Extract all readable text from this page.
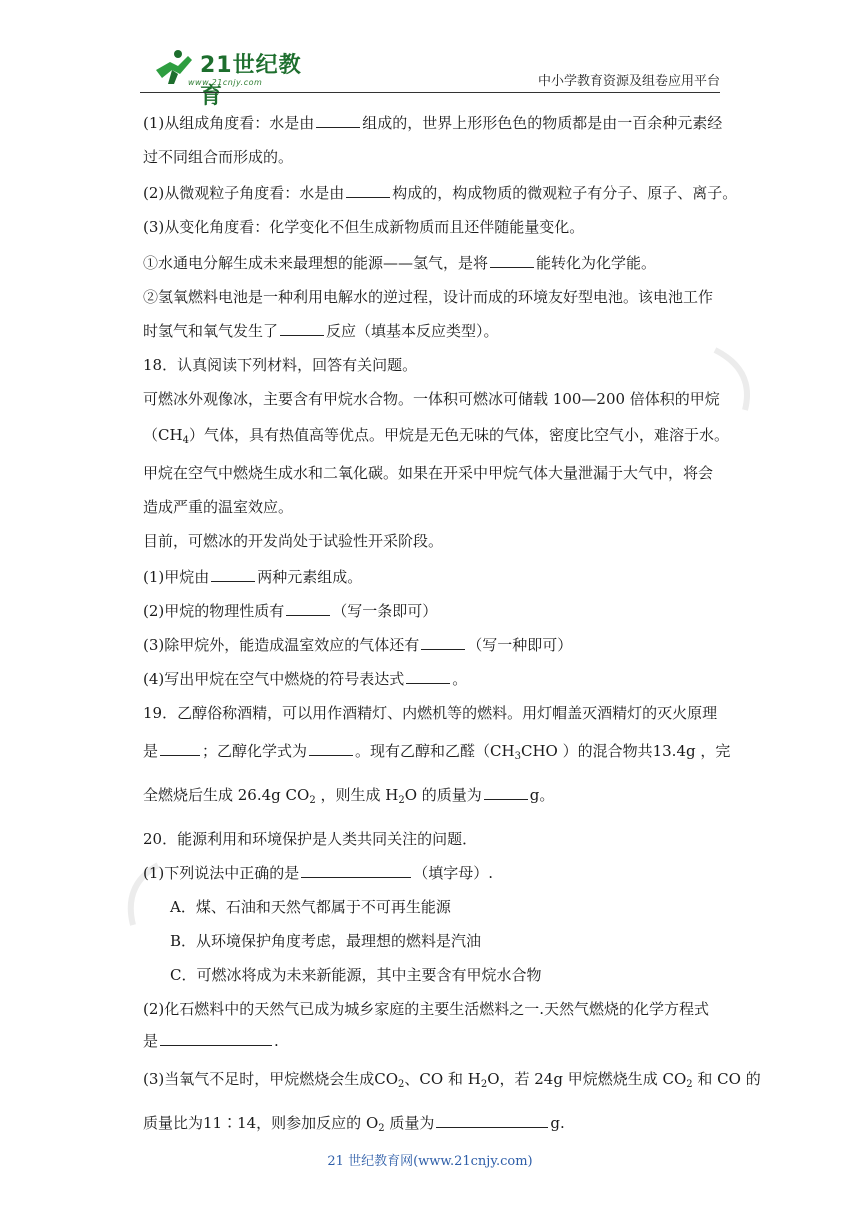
21世纪教育
www.21cnjy.com	中小学教育资源及组卷应用平台
(1)从组成角度看：水是由	组成的，世界上形形色色的物质都是由一百余种元素经
过不同组合而形成的。
(2)从微观粒子角度看：水是由	构成的，构成物质的微观粒子有分子、原子、离子。
(3)从变化角度看：化学变化不但生成新物质而且还伴随能量变化。
①水通电分解生成未来最理想的能源——氢气，是将	能转化为化学能。
②氢氧燃料电池是一种利用电解水的逆过程，设计而成的环境友好型电池。该电池工作
时氢气和氧气发生了	反应（填基本反应类型）。
18．认真阅读下列材料，回答有关问题。
可燃冰外观像冰，主要含有甲烷水合物。一体积可燃冰可储载 100—200 倍体积的甲烷
$(CH_4)$气体，具有热值高等优点。甲烷是无色无味的气体，密度比空气小，难溶于水。
甲烷在空气中燃烧生成水和二氧化碳。如果在开采中甲烷气体大量泄漏于大气中，将会
造成严重的温室效应。
目前，可燃冰的开发尚处于试验性开采阶段。
(1)甲烷由	两种元素组成。
(2)甲烷的物理性质有	（写一条即可）
(3)除甲烷外，能造成温室效应的气体还有	（写一种即可）
(4)写出甲烷在空气中燃烧的符号表达式	。
19．乙醇俗称酒精，可以用作酒精灯、内燃机等的燃料。用灯帽盖灭酒精灯的灭火原理
是	；乙醇化学式为	。现有乙醇和乙醛（$CH_3CHO$ ）的混合物共13.4g ，完
全燃烧后生成 26.4g $CO_2$ ，则生成 $H_2O$ 的质量为	g。
20．能源利用和环境保护是人类共同关注的问题．
(1)下列说法中正确的是	（填字母）.
A．煤、石油和天然气都属于不可再生能源
B．从环境保护角度考虑，最理想的燃料是汽油
C．可燃冰将成为未来新能源，其中主要含有甲烷水合物
(2)化石燃料中的天然气已成为城乡家庭的主要生活燃料之一.天然气燃烧的化学方程式
是	.
(3)当氧气不足时，甲烷燃烧会生成$CO_2$、CO 和 $H_2O$，若 24g 甲烷燃烧生成 $CO_2$ 和 CO 的
质量比为11∶14，则参加反应的 $O_2$ 质量为	g.
21 世纪教育网(www.21cnjy.com)
